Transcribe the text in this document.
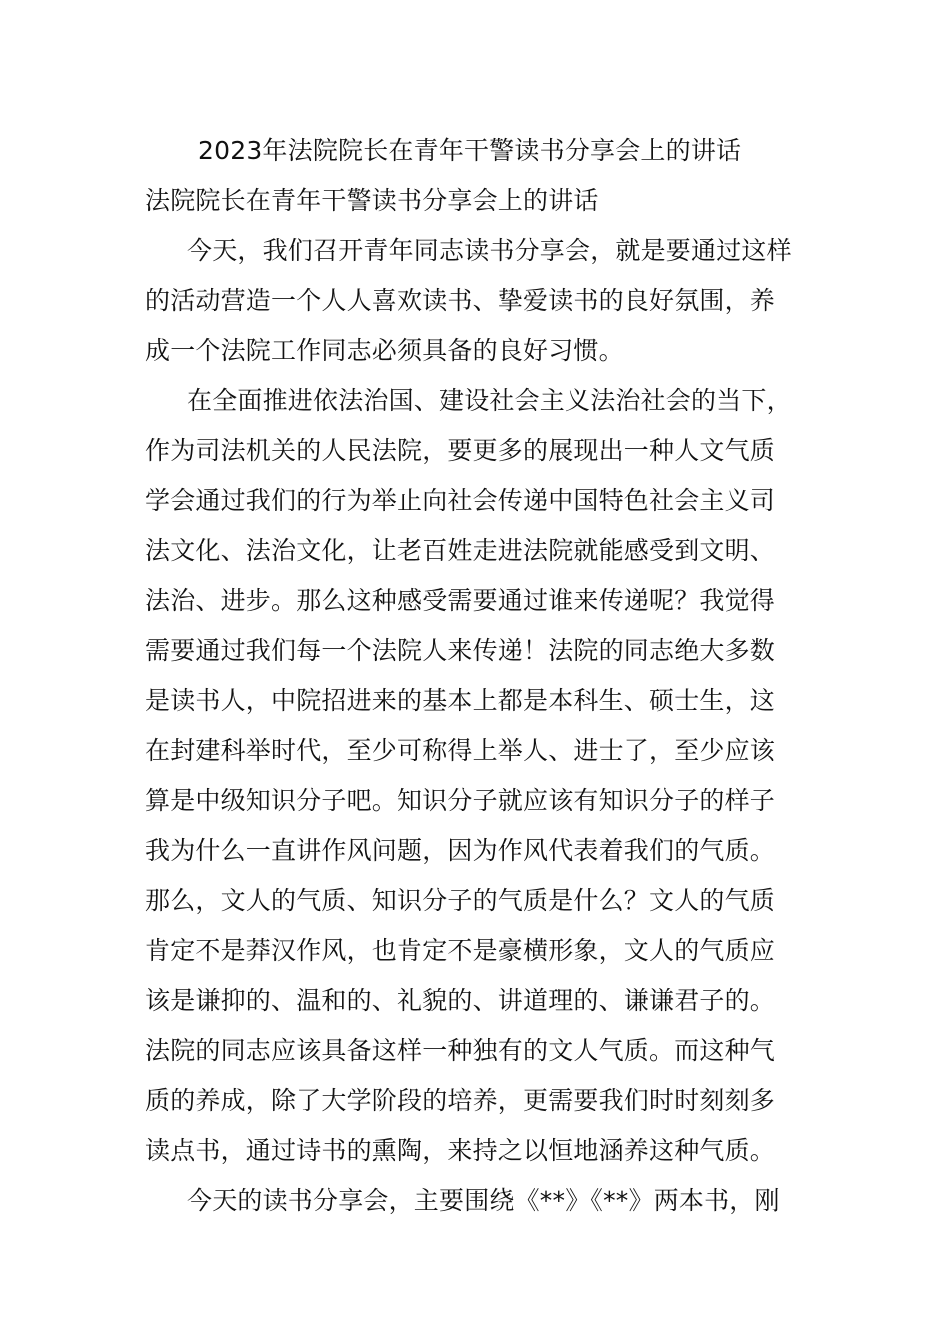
2023年法院院长在青年干警读书分享会上的讲话
法院院长在青年干警读书分享会上的讲话
今天，我们召开青年同志读书分享会，就是要通过这样
的活动营造一个人人喜欢读书、挚爱读书的良好氛围，养
成一个法院工作同志必须具备的良好习惯。
在全面推进依法治国、建设社会主义法治社会的当下，
作为司法机关的人民法院，要更多的展现出一种人文气质
学会通过我们的行为举止向社会传递中国特色社会主义司
法文化、法治文化，让老百姓走进法院就能感受到文明、
法治、进步。那么这种感受需要通过谁来传递呢？我觉得
需要通过我们每一个法院人来传递！法院的同志绝大多数
是读书人，中院招进来的基本上都是本科生、硕士生，这
在封建科举时代，至少可称得上举人、进士了，至少应该
算是中级知识分子吧。知识分子就应该有知识分子的样子
我为什么一直讲作风问题，因为作风代表着我们的气质。
那么，文人的气质、知识分子的气质是什么？文人的气质
肯定不是莽汉作风，也肯定不是豪横形象，文人的气质应
该是谦抑的、温和的、礼貌的、讲道理的、谦谦君子的。
法院的同志应该具备这样一种独有的文人气质。而这种气
质的养成，除了大学阶段的培养，更需要我们时时刻刻多
读点书，通过诗书的熏陶，来持之以恒地涵养这种气质。
今天的读书分享会，主要围绕《**》《**》两本书，刚
